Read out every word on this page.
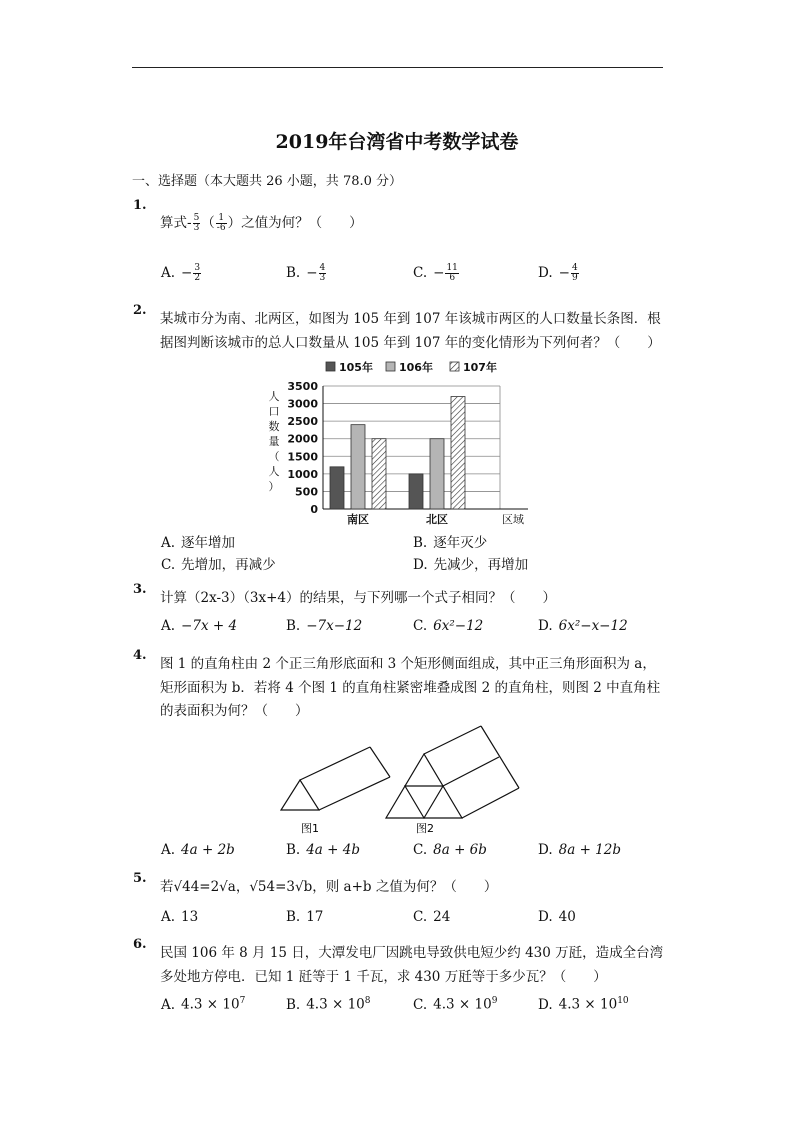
2019年台湾省中考数学试卷
一、选择题（本大题共 26 小题，共 78.0 分）
1.
算式- $\frac{5}{3}$ （ $\frac{1}{-6}$ ）之值为何？（　　）
A. − $\frac{3}{2}$	B. − $\frac{4}{3}$	C. − $\frac{11}{6}$	D. − $\frac{4}{9}$
2.
某城市分为南、北两区，如图为 105 年到 107 年该城市两区的人口数量长条图．根
据图判断该城市的总人口数量从 105 年到 107 年的变化情形为下列何者？（　　）
105年 106年	107年
人
口
数
量
（
人
）
0
500
1000
1500
2000
2500
3000
3500
南区	北区	区域
A. 逐年增加	B. 逐年灭少
C. 先增加，再减少	D. 先减少，再增加
3.
计算（2x-3）（3x+4）的结果，与下列哪一个式子相同？（　　）
A. −7x + 4	B. −7x−12	C. 6x²−12	D. 6x²−x−12
4.
图 1 的直角柱由 2 个正三角形底面和 3 个矩形侧面组成，其中正三角形面积为 a，
矩形面积为 b．若将 4 个图 1 的直角柱紧密堆叠成图 2 的直角柱，则图 2 中直角柱
的表面积为何？（　　）
图1	图2
A. 4a + 2b	B. 4a + 4b	C. 8a + 6b	D. 8a + 12b
5.
若√44=2√a，√54=3√b，则 a+b 之值为何？（　　）
A. 13	B. 17	C. 24	D. 40
6.
民国 106 年 8 月 15 日，大潭发电厂因跳电导致供电短少约 430 万瓩，造成全台湾
多处地方停电．已知 1 瓩等于 1 千瓦，求 430 万瓩等于多少瓦？（　　）
A. $4.3 \times 10^7$	B. $4.3 \times 10^8$	C. $4.3 \times 10^9$	D. $4.3 \times 10^{10}$
